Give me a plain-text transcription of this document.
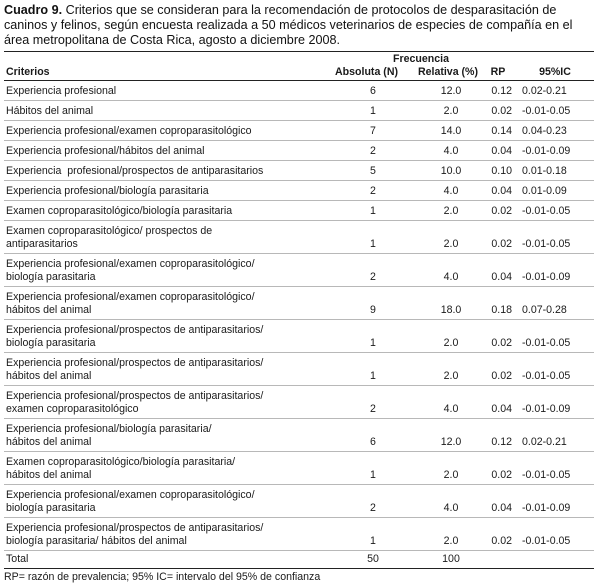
Cuadro 9. Criterios que se consideran para la recomendación de protocolos de desparasitación de caninos y felinos, según encuesta realizada a 50 médicos veterinarios de especies de compañía en el área metropolitana de Costa Rica, agosto a diciembre 2008.
	Frecuencia			
Criterios	Absoluta (N)	Relativa (%)	RP	95%IC
Experiencia profesional	6	12.0	0.12	0.02-0.21
Hábitos del animal	1	2.0	0.02	-0.01-0.05
Experiencia profesional/examen coproparasitológico	7	14.0	0.14	0.04-0.23
Experiencia profesional/hábitos del animal	2	4.0	0.04	-0.01-0.09
Experiencia  profesional/prospectos de antiparasitarios	5	10.0	0.10	0.01-0.18
Experiencia profesional/biología parasitaria	2	4.0	0.04	0.01-0.09
Examen coproparasitológico/biología parasitaria	1	2.0	0.02	-0.01-0.05
Examen coproparasitológico/ prospectos de
antiparasitarios	1	2.0	0.02	-0.01-0.05
Experiencia profesional/examen coproparasitológico/
biología parasitaria	2	4.0	0.04	-0.01-0.09
Experiencia profesional/examen coproparasitológico/
hábitos del animal	9	18.0	0.18	0.07-0.28
Experiencia profesional/prospectos de antiparasitarios/
biología parasitaria	1	2.0	0.02	-0.01-0.05
Experiencia profesional/prospectos de antiparasitarios/
hábitos del animal	1	2.0	0.02	-0.01-0.05
Experiencia profesional/prospectos de antiparasitarios/
examen coproparasitológico	2	4.0	0.04	-0.01-0.09
Experiencia profesional/biología parasitaria/
hábitos del animal	6	12.0	0.12	0.02-0.21
Examen coproparasitológico/biología parasitaria/
hábitos del animal	1	2.0	0.02	-0.01-0.05
Experiencia profesional/examen coproparasitológico/
biología parasitaria	2	4.0	0.04	-0.01-0.09
Experiencia profesional/prospectos de antiparasitarios/
biología parasitaria/ hábitos del animal	1	2.0	0.02	-0.01-0.05
Total	50	100		
RP= razón de prevalencia; 95% IC= intervalo del 95% de confianza
